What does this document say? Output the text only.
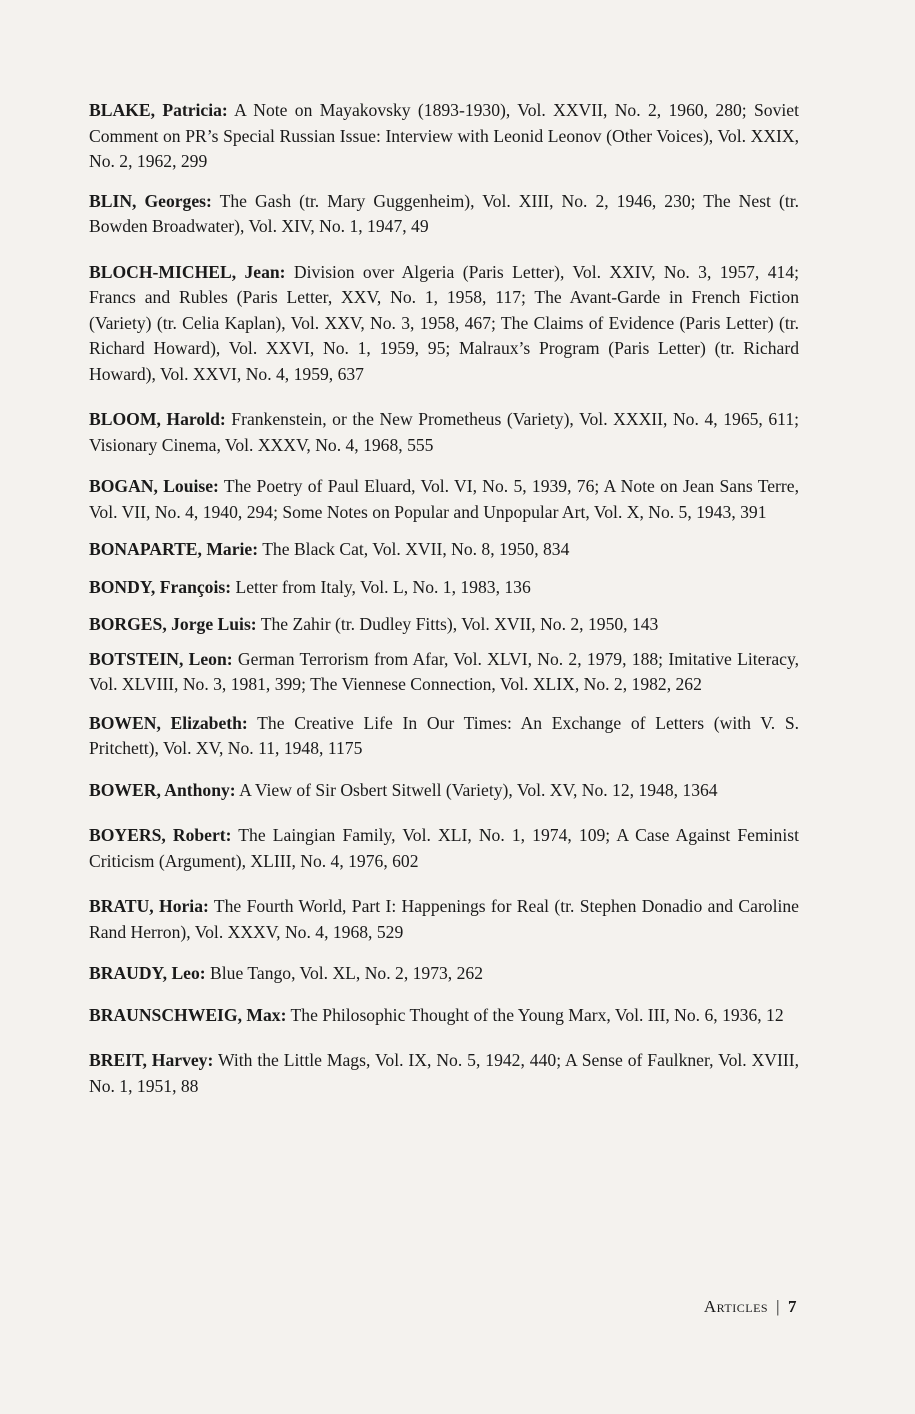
BLAKE, Patricia: A Note on Mayakovsky (1893-1930), Vol. XXVII, No. 2, 1960, 280; Soviet Comment on PR’s Special Russian Issue: Interview with Leonid Leonov (Other Voices), Vol. XXIX, No. 2, 1962, 299

BLIN, Georges: The Gash (tr. Mary Guggenheim), Vol. XIII, No. 2, 1946, 230; The Nest (tr. Bowden Broadwater), Vol. XIV, No. 1, 1947, 49

BLOCH-MICHEL, Jean: Division over Algeria (Paris Letter), Vol. XXIV, No. 3, 1957, 414; Francs and Rubles (Paris Letter, XXV, No. 1, 1958, 117; The Avant-Garde in French Fiction (Variety) (tr. Celia Kaplan), Vol. XXV, No. 3, 1958, 467; The Claims of Evidence (Paris Letter) (tr. Richard Howard), Vol. XXVI, No. 1, 1959, 95; Malraux’s Program (Paris Letter) (tr. Richard Howard), Vol. XXVI, No. 4, 1959, 637

BLOOM, Harold: Frankenstein, or the New Prometheus (Variety), Vol. XXXII, No. 4, 1965, 611; Visionary Cinema, Vol. XXXV, No. 4, 1968, 555

BOGAN, Louise: The Poetry of Paul Eluard, Vol. VI, No. 5, 1939, 76; A Note on Jean Sans Terre, Vol. VII, No. 4, 1940, 294; Some Notes on Popular and Unpopular Art, Vol. X, No. 5, 1943, 391

BONAPARTE, Marie: The Black Cat, Vol. XVII, No. 8, 1950, 834

BONDY, François: Letter from Italy, Vol. L, No. 1, 1983, 136

BORGES, Jorge Luis: The Zahir (tr. Dudley Fitts), Vol. XVII, No. 2, 1950, 143

BOTSTEIN, Leon: German Terrorism from Afar, Vol. XLVI, No. 2, 1979, 188; Imitative Literacy, Vol. XLVIII, No. 3, 1981, 399; The Viennese Connection, Vol. XLIX, No. 2, 1982, 262

BOWEN, Elizabeth: The Creative Life In Our Times: An Exchange of Letters (with V. S. Pritchett), Vol. XV, No. 11, 1948, 1175

BOWER, Anthony: A View of Sir Osbert Sitwell (Variety), Vol. XV, No. 12, 1948, 1364

BOYERS, Robert: The Laingian Family, Vol. XLI, No. 1, 1974, 109; A Case Against Feminist Criticism (Argument), XLIII, No. 4, 1976, 602

BRATU, Horia: The Fourth World, Part I: Happenings for Real (tr. Stephen Donadio and Caroline Rand Herron), Vol. XXXV, No. 4, 1968, 529

BRAUDY, Leo: Blue Tango, Vol. XL, No. 2, 1973, 262

BRAUNSCHWEIG, Max: The Philosophic Thought of the Young Marx, Vol. III, No. 6, 1936, 12

BREIT, Harvey: With the Little Mags, Vol. IX, No. 5, 1942, 440; A Sense of Faulkner, Vol. XVIII, No. 1, 1951, 88

Articles | 7
